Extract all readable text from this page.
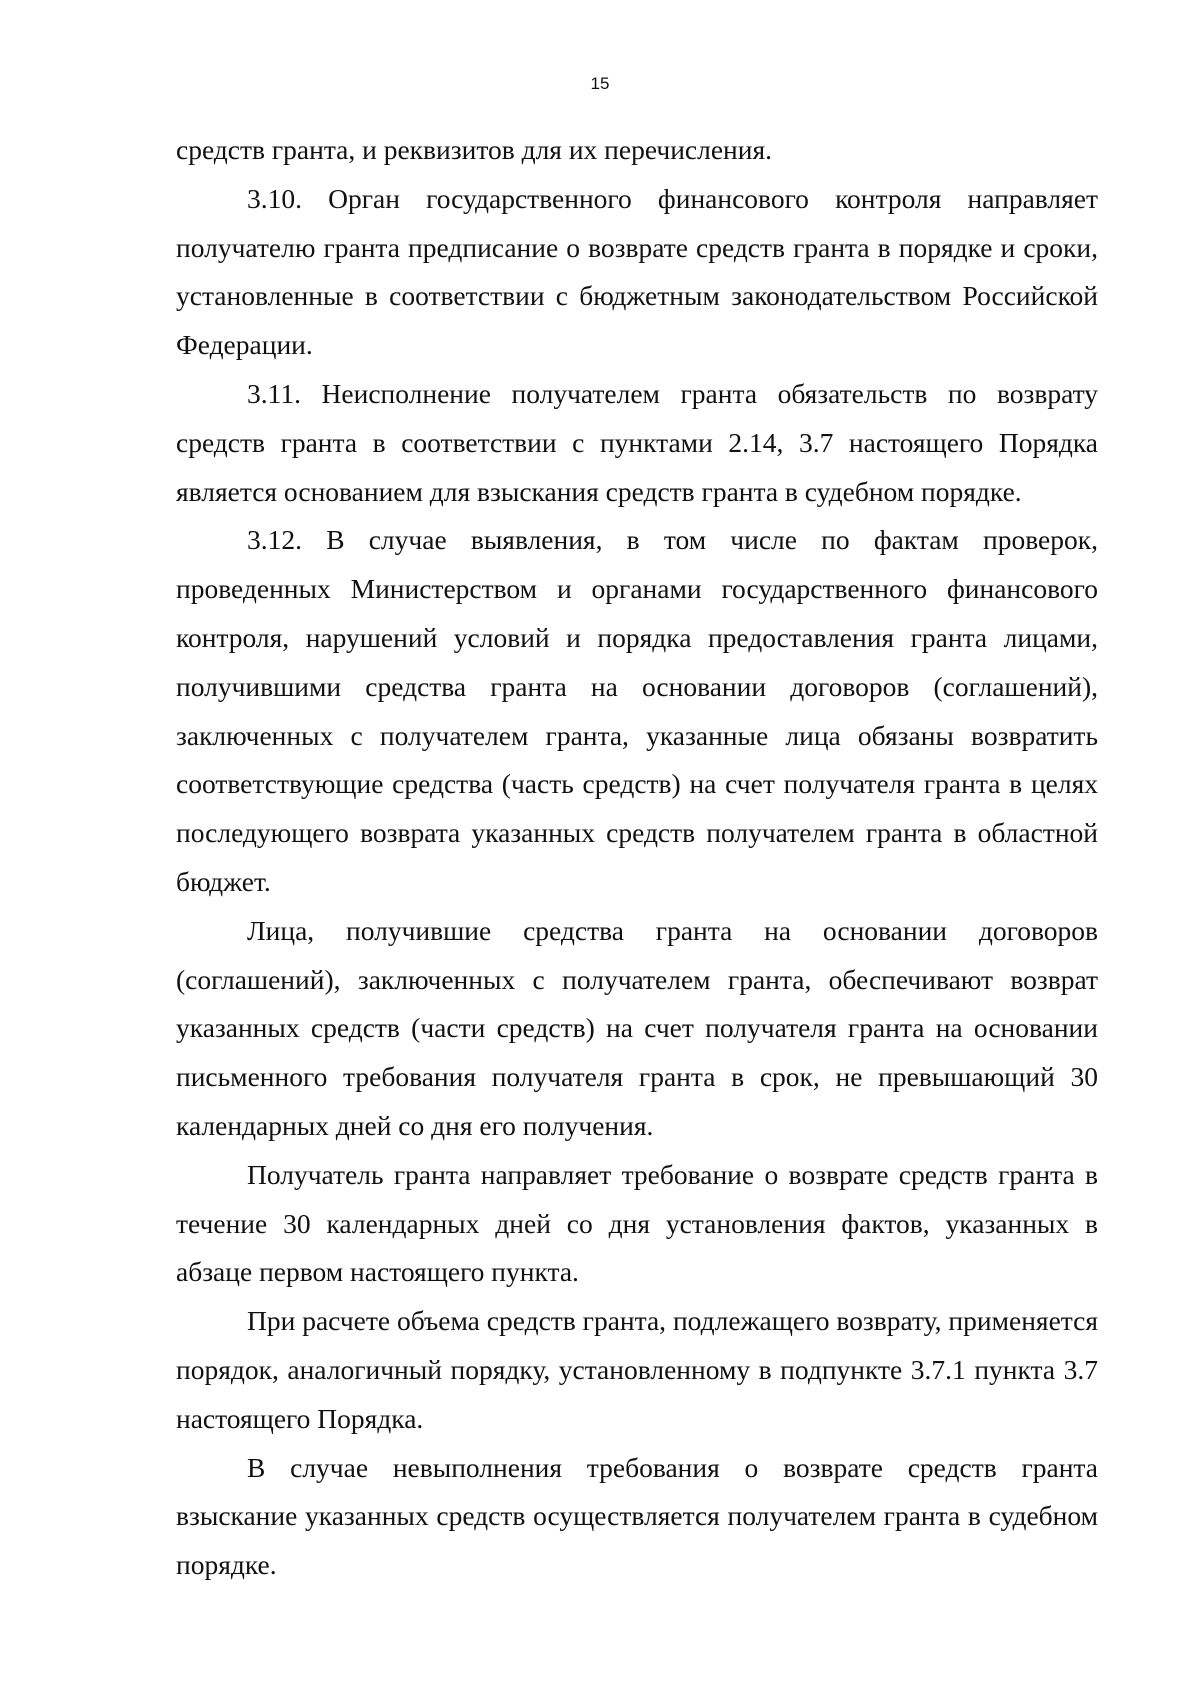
15

средств гранта, и реквизитов для их перечисления.

3.10. Орган государственного финансового контроля направляет получателю гранта предписание о возврате средств гранта в порядке и сроки, установленные в соответствии с бюджетным законодательством Российской Федерации.

3.11. Неисполнение получателем гранта обязательств по возврату средств гранта в соответствии с пунктами 2.14, 3.7 настоящего Порядка является основанием для взыскания средств гранта в судебном порядке.

3.12. В случае выявления, в том числе по фактам проверок, проведенных Министерством и органами государственного финансового контроля, нарушений условий и порядка предоставления гранта лицами, получившими средства гранта на основании договоров (соглашений), заключенных с получателем гранта, указанные лица обязаны возвратить соответствующие средства (часть средств) на счет получателя гранта в целях последующего возврата указанных средств получателем гранта в областной бюджет.

Лица, получившие средства гранта на основании договоров (соглашений), заключенных с получателем гранта, обеспечивают возврат указанных средств (части средств) на счет получателя гранта на основании письменного требования получателя гранта в срок, не превышающий 30 календарных дней со дня его получения.

Получатель гранта направляет требование о возврате средств гранта в течение 30 календарных дней со дня установления фактов, указанных в абзаце первом настоящего пункта.

При расчете объема средств гранта, подлежащего возврату, применяется порядок, аналогичный порядку, установленному в подпункте 3.7.1 пункта 3.7 настоящего Порядка.

В случае невыполнения требования о возврате средств гранта взыскание указанных средств осуществляется получателем гранта в судебном порядке.
